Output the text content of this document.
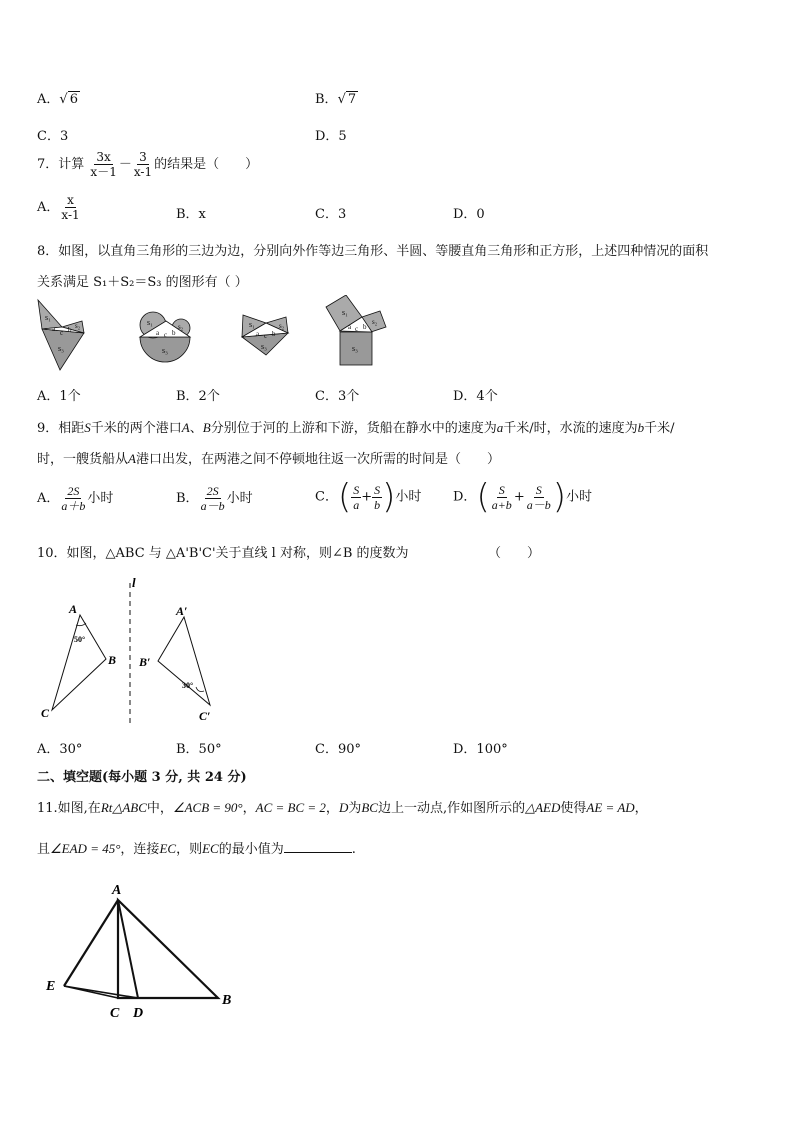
A．√ 6	B．√ 7
C．3	D．5
7．计算 $\frac{3x}{x-1} - \frac{3}{x-1}$ 的结果是（　　）
A． $\frac{x}{x-1}$	B．x	C．3	D．0
8．如图，以直角三角形的三边为边，分别向外作等边三角形、半圆、等腰直角三角形和正方形，上述四种情况的面积
关系满足 S₁＋S₂＝S₃ 的图形有（ ）
s₁
s₂
s₃
a c b
s₁	s₂
s₃
a c b
s₁	s₂
s₃
a c b
s₁
s₂
s₃
a c b
A．1个	B．2个	C．3个	D．4个
9．相距S千米的两个港口A、B分别位于河的上游和下游，货船在静水中的速度为a千米/时，水流的速度为b千米/
时，一艘货船从A港口出发，在两港之间不停顿地往返一次所需的时间是（　　）
A． $\frac{2S}{a+b}$ 小时	B． $\frac{2S}{a-b}$ 小时	C．( $\frac{S}{a} + \frac{S}{b}$ )小时 D．( $\frac{S}{a+b} + \frac{S}{a-b}$ )小时
10．如图，△ABC 与 △A'B'C'关于直线 l 对称，则∠B 的度数为	（　　）
l
A
B
C
A′
B′
C′
50°
30°
A．30°	B．50°	C．90°	D．100°
二、填空题(每小题 3 分, 共 24 分)
11.如图,在Rt△ABC中，∠ACB = 90°，AC = BC = 2，D为BC边上一动点,作如图所示的△AED使得AE = AD，
且∠EAD = 45°，连接EC，则EC的最小值为	.
A
B
C D
E
